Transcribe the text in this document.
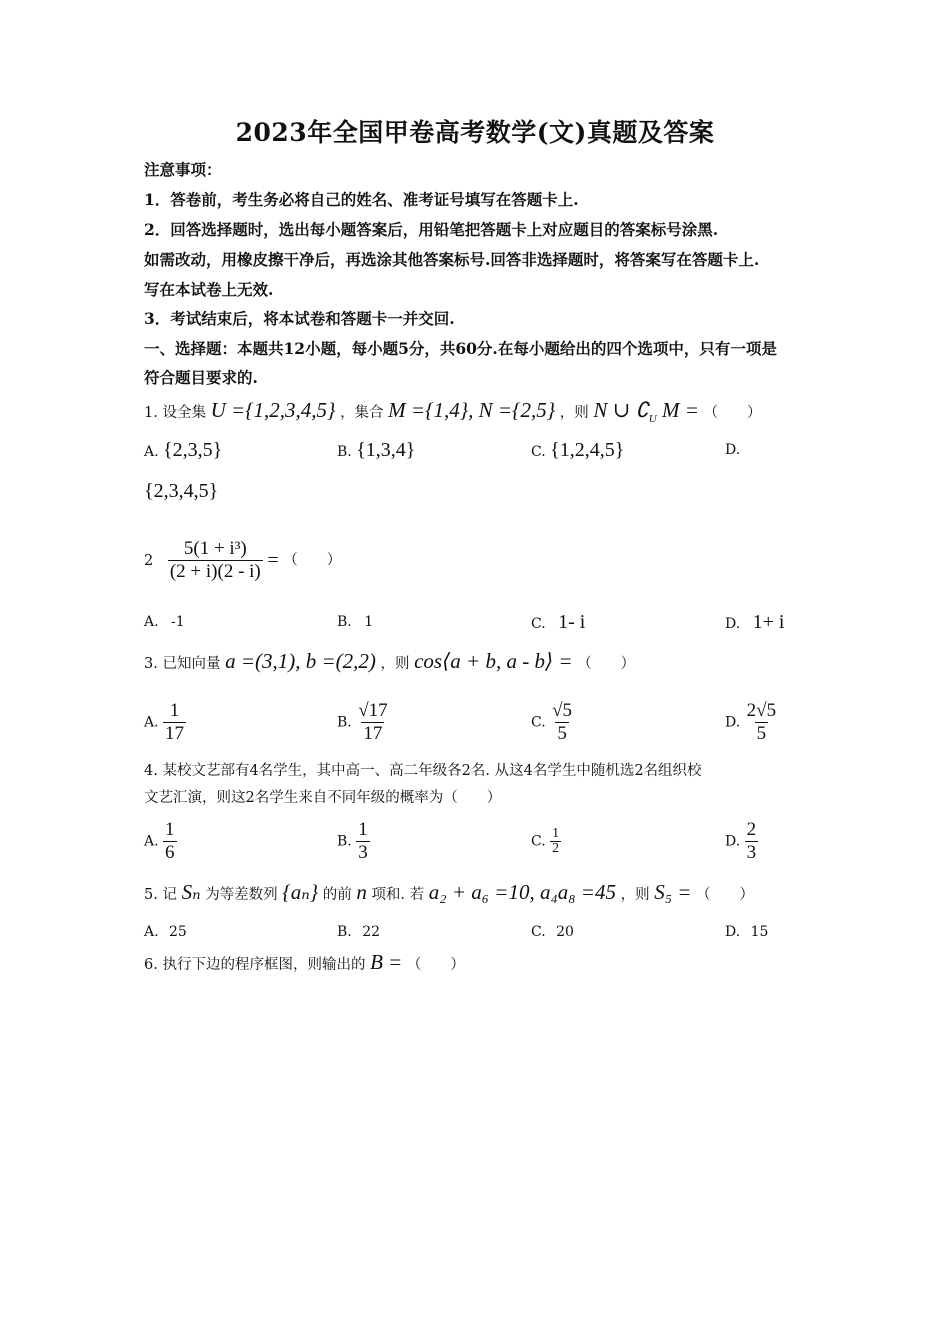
2023年全国甲卷高考数学(文)真题及答案
注意事项：
1．答卷前，考生务必将自己的姓名、准考证号填写在答题卡上.
2．回答选择题时，选出每小题答案后，用铅笔把答题卡上对应题目的答案标号涂黑.
如需改动，用橡皮擦干净后，再选涂其他答案标号.回答非选择题时，将答案写在答题卡上.
写在本试卷上无效.
3．考试结束后，将本试卷和答题卡一并交回.
一、选择题：本题共12小题，每小题5分，共60分.在每小题给出的四个选项中，只有一项是
符合题目要求的.
1. 设全集 U ={1,2,3,4,5} ，集合 M ={1,4}, N ={2,5} ，则 N ∪ $∁_U$ M = （　　）
A. {2,3,5}	B. {1,3,4}	C. {1,2,4,5}	D.
{2,3,4,5}
$2 \frac{\text{5(1 + i³)}}{(2 + i)(2 - i)}$ = （　　）
A. -1	B. 1	C. 1- i	D. 1+ i
3. 已知向量 a =(3,1), b =(2,2) ，则 cos⟨a + b, a - b⟩ = （　　）
A. $\frac{1}{17}$	B. $\frac{√17}{17}$	C. $\frac{√5}{5}$	D. $\frac{2√5}{5}$
4. 某校文艺部有4名学生，其中高一、高二年级各2名. 从这4名学生中随机选2名组织校
文艺汇演，则这2名学生来自不同年级的概率为（　　）
A. $\frac{1}{6}$	B. $\frac{1}{3}$	C. $\frac{1}{2}$	D. $\frac{2}{3}$
5. 记 Sₙ 为等差数列 {aₙ} 的前 n 项和. 若 a₂ + a₆ =10, a₄a₈ =45 ，则 S₅ = （　　）
A. 25	B. 22	C. 20	D. 15
6. 执行下边的程序框图，则输出的 B = （　　）
